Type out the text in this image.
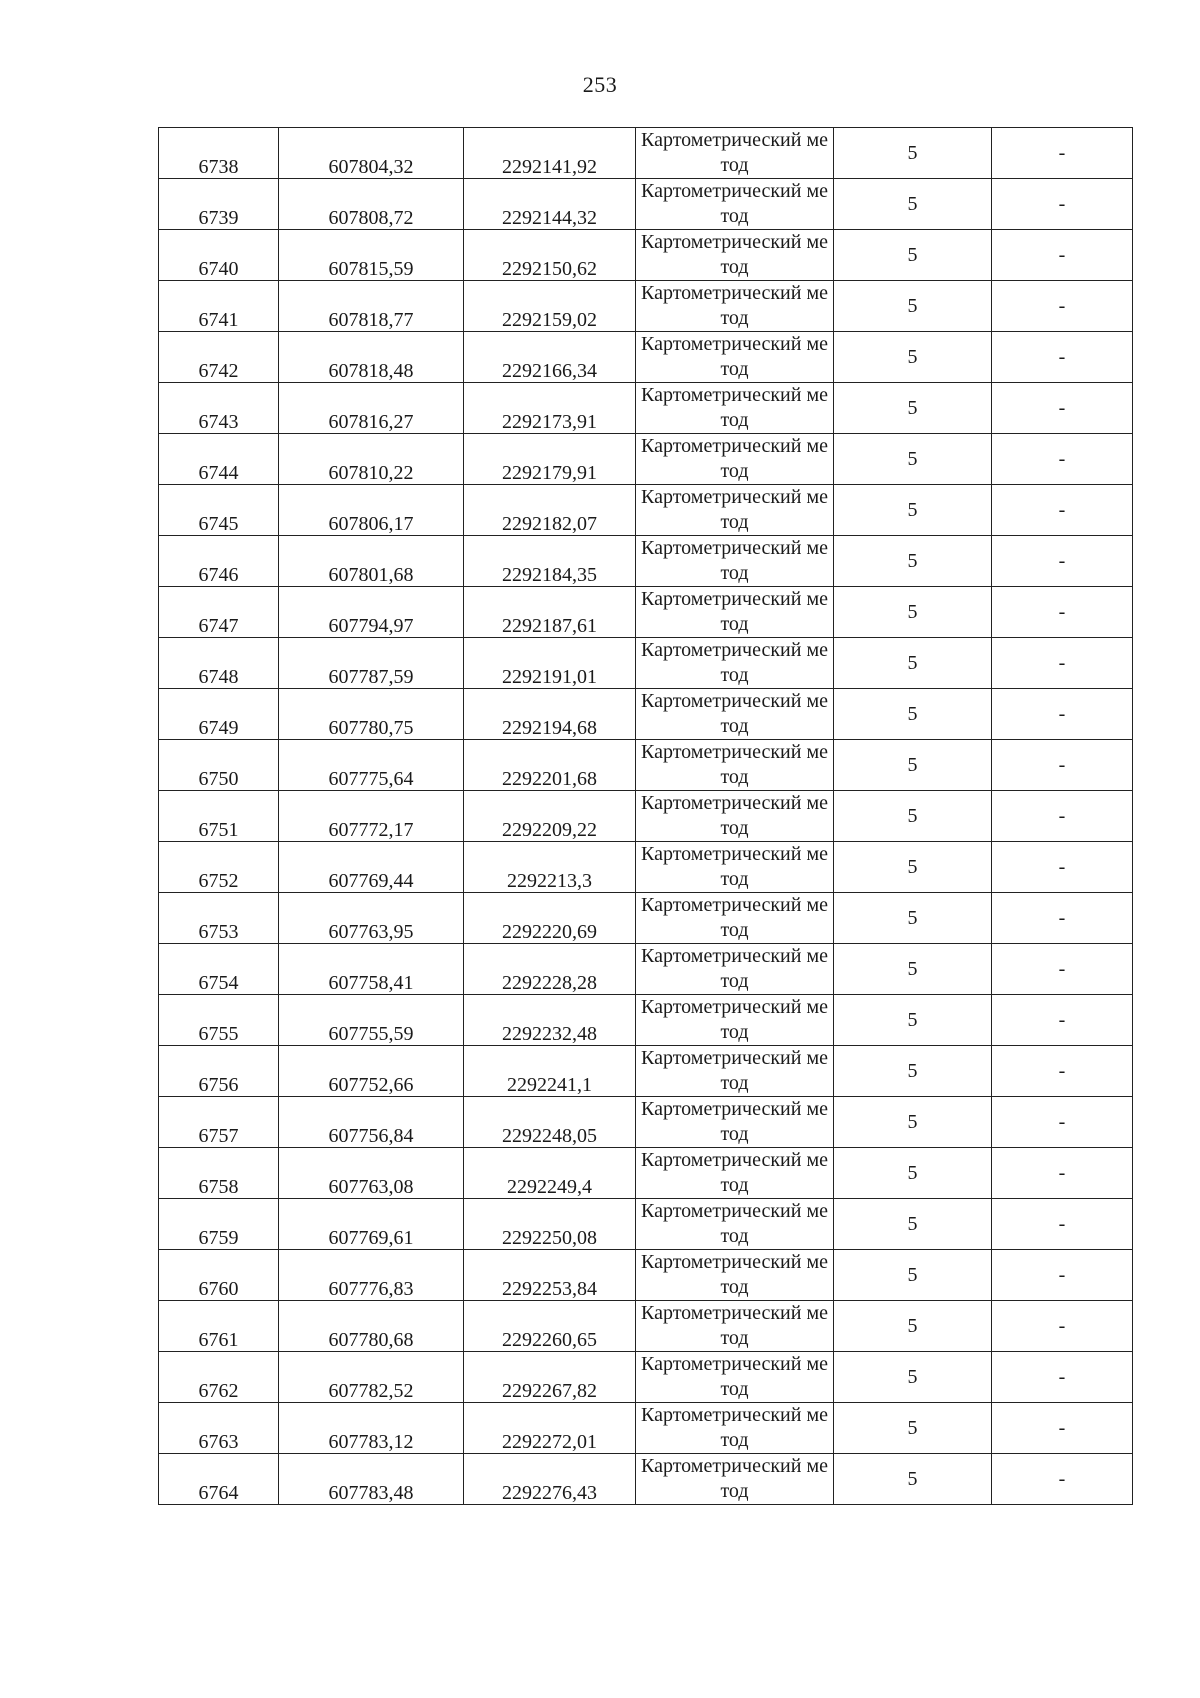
253
6738	607804,32	2292141,92	Картометрический метод	5	-
6739	607808,72	2292144,32	Картометрический метод	5	-
6740	607815,59	2292150,62	Картометрический метод	5	-
6741	607818,77	2292159,02	Картометрический метод	5	-
6742	607818,48	2292166,34	Картометрический метод	5	-
6743	607816,27	2292173,91	Картометрический метод	5	-
6744	607810,22	2292179,91	Картометрический метод	5	-
6745	607806,17	2292182,07	Картометрический метод	5	-
6746	607801,68	2292184,35	Картометрический метод	5	-
6747	607794,97	2292187,61	Картометрический метод	5	-
6748	607787,59	2292191,01	Картометрический метод	5	-
6749	607780,75	2292194,68	Картометрический метод	5	-
6750	607775,64	2292201,68	Картометрический метод	5	-
6751	607772,17	2292209,22	Картометрический метод	5	-
6752	607769,44	2292213,3	Картометрический метод	5	-
6753	607763,95	2292220,69	Картометрический метод	5	-
6754	607758,41	2292228,28	Картометрический метод	5	-
6755	607755,59	2292232,48	Картометрический метод	5	-
6756	607752,66	2292241,1	Картометрический метод	5	-
6757	607756,84	2292248,05	Картометрический метод	5	-
6758	607763,08	2292249,4	Картометрический метод	5	-
6759	607769,61	2292250,08	Картометрический метод	5	-
6760	607776,83	2292253,84	Картометрический метод	5	-
6761	607780,68	2292260,65	Картометрический метод	5	-
6762	607782,52	2292267,82	Картометрический метод	5	-
6763	607783,12	2292272,01	Картометрический метод	5	-
6764	607783,48	2292276,43	Картометрический метод	5	-
